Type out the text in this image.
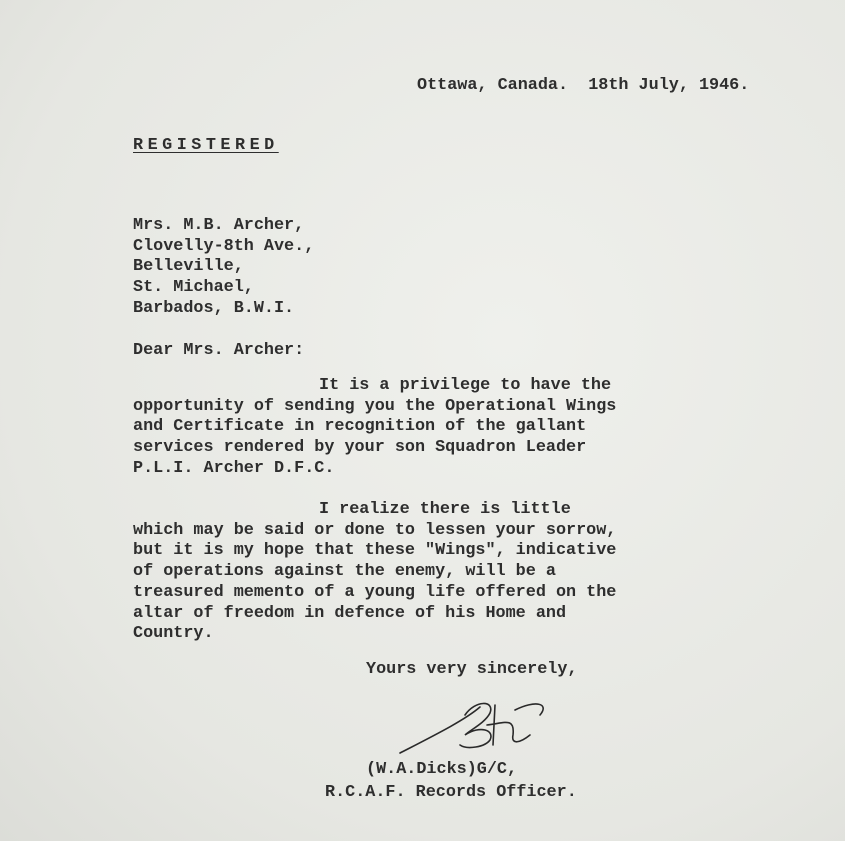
Ottawa, Canada.  18th July, 1946.
REGISTERED
Mrs. M.B. Archer,
Clovelly-8th Ave.,
Belleville,
St. Michael,
Barbados, B.W.I.
Dear Mrs. Archer:
It is a privilege to have the
opportunity of sending you the Operational Wings
and Certificate in recognition of the gallant
services rendered by your son Squadron Leader
P.L.I. Archer D.F.C.
I realize there is little
which may be said or done to lessen your sorrow,
but it is my hope that these "Wings", indicative
of operations against the enemy, will be a
treasured memento of a young life offered on the
altar of freedom in defence of his Home and
Country.
Yours very sincerely,
(W.A.Dicks)G/C,
R.C.A.F. Records Officer.
